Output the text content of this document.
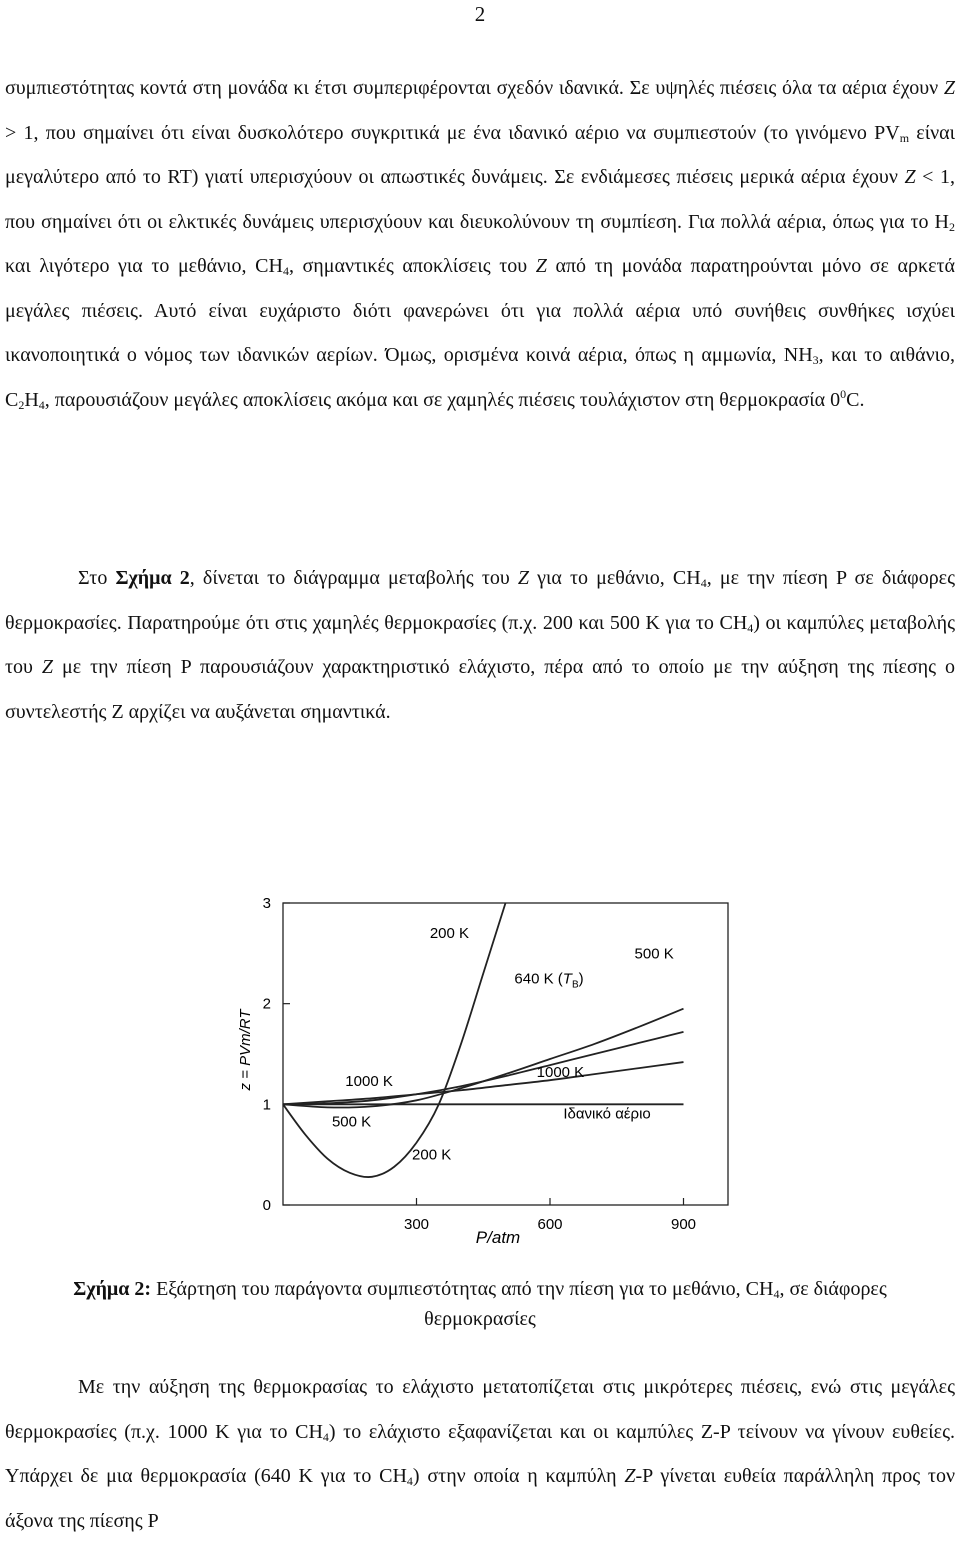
2
συμπιεστότητας κοντά στη μονάδα κι έτσι συμπεριφέρονται σχεδόν ιδανικά. Σε υψηλές πιέσεις όλα τα αέρια έχουν Z > 1, που σημαίνει ότι είναι δυσκολότερο συγκριτικά με ένα ιδανικό αέριο να συμπιεστούν (το γινόμενο $PV_m$ είναι μεγαλύτερο από το RT) γιατί υπερισχύουν οι απωστικές δυνάμεις. Σε ενδιάμεσες πιέσεις μερικά αέρια έχουν Z < 1, που σημαίνει ότι οι ελκτικές δυνάμεις υπερισχύουν και διευκολύνουν τη συμπίεση. Για πολλά αέρια, όπως για το $H_2$ και λιγότερο για το μεθάνιο, $CH_4$, σημαντικές αποκλίσεις του Z από τη μονάδα παρατηρούνται μόνο σε αρκετά μεγάλες πιέσεις. Αυτό είναι ευχάριστο διότι φανερώνει ότι για πολλά αέρια υπό συνήθεις συνθήκες ισχύει ικανοποιητικά ο νόμος των ιδανικών αερίων. Όμως, ορισμένα κοινά αέρια, όπως η αμμωνία, $NH_3$, και το αιθάνιο, $C_2H_4$, παρουσιάζουν μεγάλες αποκλίσεις ακόμα και σε χαμηλές πιέσεις τουλάχιστον στη θερμοκρασία $0^0C$.
Στο Σχήμα 2, δίνεται το διάγραμμα μεταβολής του Z για το μεθάνιο, $CH_4$, με την πίεση P σε διάφορες θερμοκρασίες. Παρατηρούμε ότι στις χαμηλές θερμοκρασίες (π.χ. 200 και 500 K για το $CH_4$) οι καμπύλες μεταβολής του Z με την πίεση P παρουσιάζουν χαρακτηριστικό ελάχιστο, πέρα από το οποίο με την αύξηση της πίεσης ο συντελεστής Z αρχίζει να αυξάνεται σημαντικά.
0
1
2
3
300	600	900
200 K
500 K
640 K $(T_B)$
1000 K
1000 K
500 K	Ιδανικό αέριο
200 K
P/atm
z = PVm/RT
Σχήμα 2: Εξάρτηση του παράγοντα συμπιεστότητας από την πίεση για το μεθάνιο, $CH_4$, σε διάφορες θερμοκρασίες
Με την αύξηση της θερμοκρασίας το ελάχιστο μετατοπίζεται στις μικρότερες πιέσεις, ενώ στις μεγάλες θερμοκρασίες (π.χ. 1000 K για το $CH_4$) το ελάχιστο εξαφανίζεται και οι καμπύλες Z-P τείνουν να γίνουν ευθείες. Υπάρχει δε μια θερμοκρασία (640 K για το $CH_4$) στην οποία η καμπύλη Z-P γίνεται ευθεία παράλληλη προς τον άξονα της πίεσης P
